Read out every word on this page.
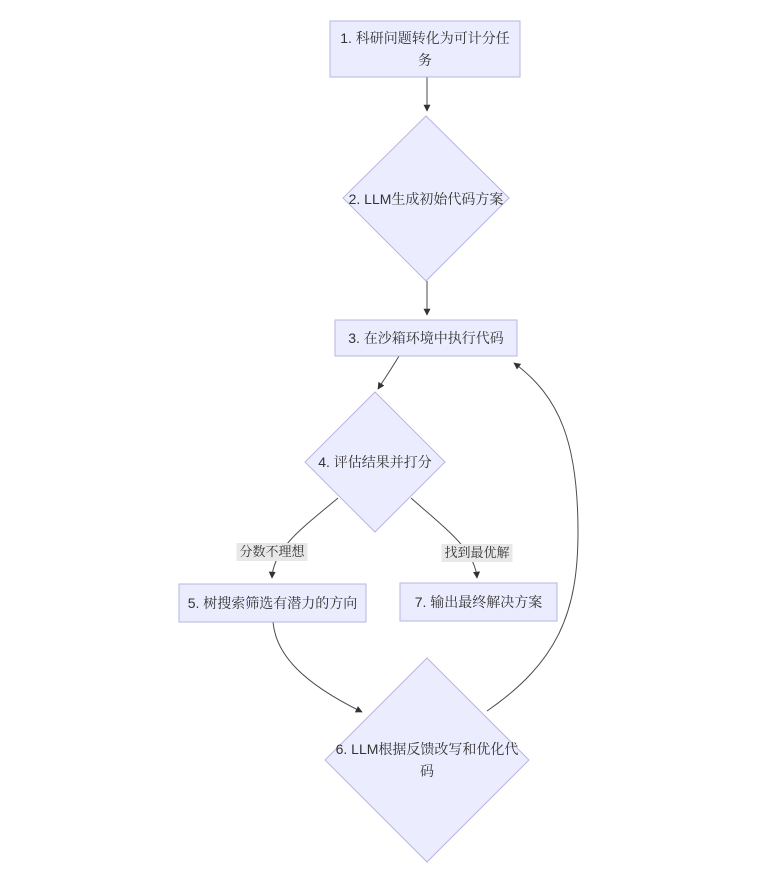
1. 科研问题转化为可计分任务
2. LLM生成初始代码方案
3. 在沙箱环境中执行代码
4. 评估结果并打分
5. 树搜索筛选有潜力的方向
6. LLM根据反馈改写和优化代码
7. 输出最终解决方案
分数不理想	找到最优解
